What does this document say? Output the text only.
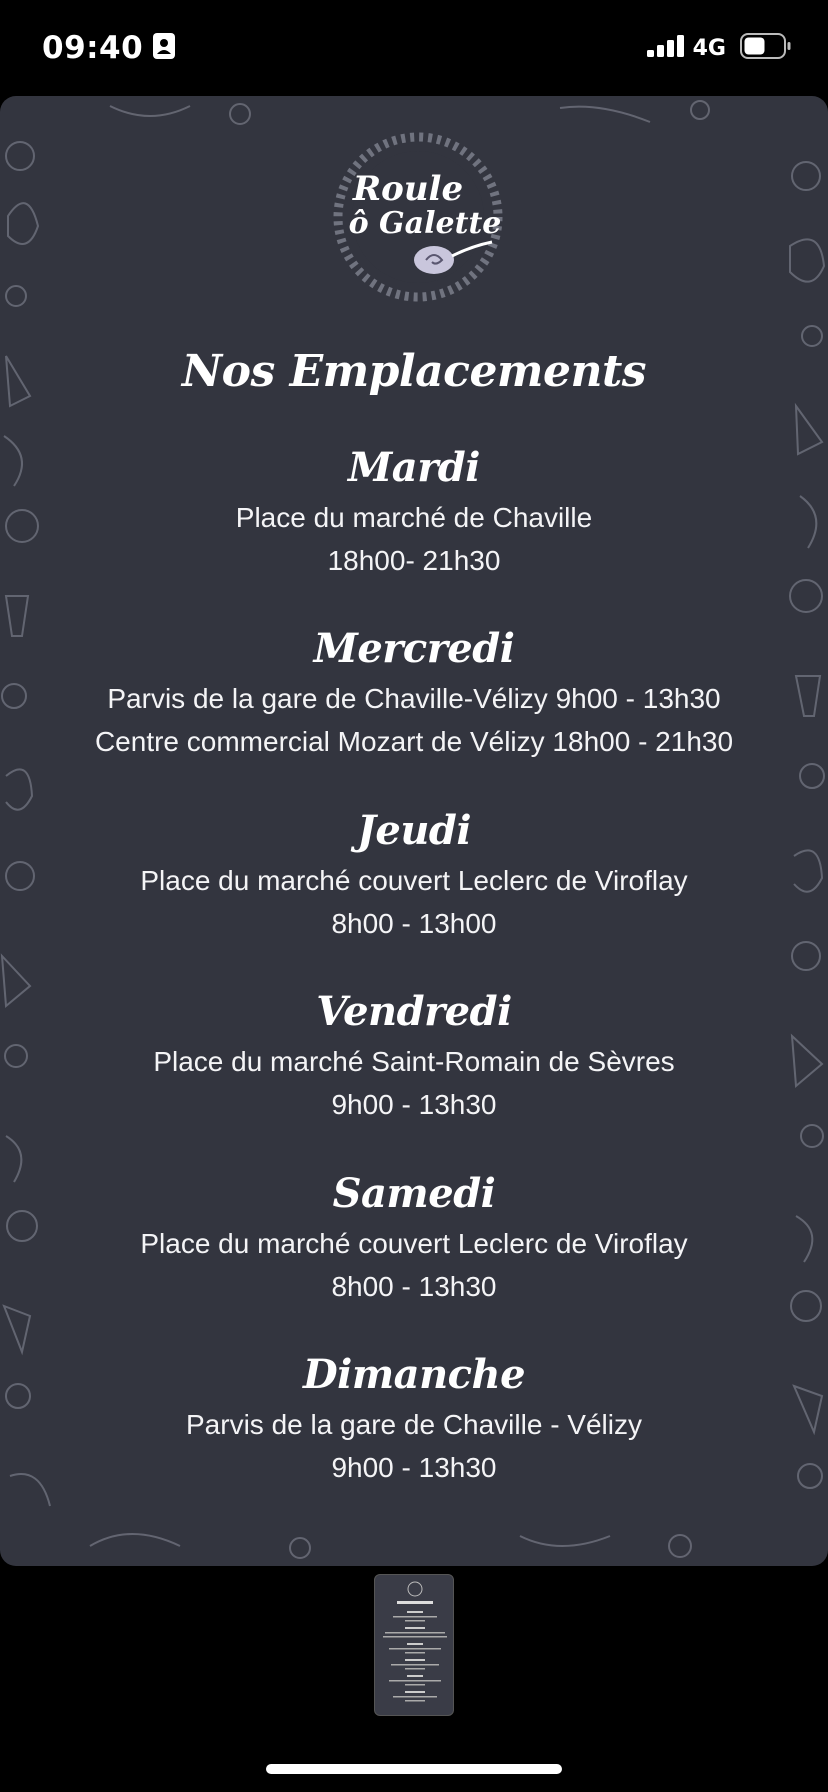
09:40	4G
Roule
ô Galette
Nos Emplacements
Mardi
Place du marché de Chaville
18h00- 21h30
Mercredi
Parvis de la gare de Chaville-Vélizy 9h00 - 13h30
Centre commercial Mozart de Vélizy 18h00 - 21h30
Jeudi
Place du marché couvert Leclerc de Viroflay
8h00 - 13h00
Vendredi
Place du marché Saint-Romain de Sèvres
9h00 - 13h30
Samedi
Place du marché couvert Leclerc de Viroflay
8h00 - 13h30
Dimanche
Parvis de la gare de Chaville - Vélizy
9h00 - 13h30
